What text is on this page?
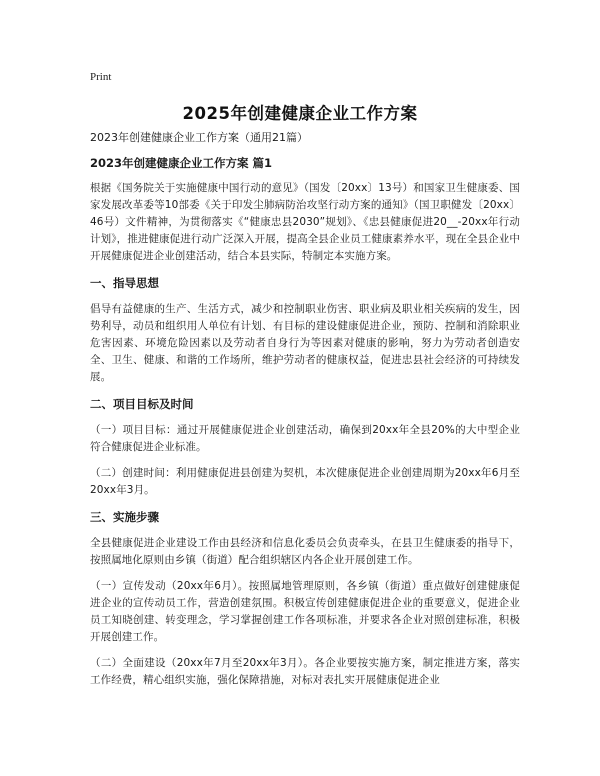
Print
2025年创建健康企业工作方案

2023年创建健康企业工作方案（通用21篇）

2023年创建健康企业工作方案 篇1

根据《国务院关于实施健康中国行动的意见》（国发〔20xx〕13号）和国家卫生健康委、国家发展改革委等10部委《关于印发尘肺病防治攻坚行动方案的通知》（国卫职健发〔20xx〕46号）文件精神，为贯彻落实《“健康忠县2030”规划》、《忠县健康促进20__-20xx年行动计划》，推进健康促进行动广泛深入开展，提高全县企业员工健康素养水平，现在全县企业中开展健康促进企业创建活动，结合本县实际，特制定本实施方案。

一、指导思想

倡导有益健康的生产、生活方式，减少和控制职业伤害、职业病及职业相关疾病的发生，因势利导，动员和组织用人单位有计划、有目标的建设健康促进企业，预防、控制和消除职业危害因素、环境危险因素以及劳动者自身行为等因素对健康的影响，努力为劳动者创造安全、卫生、健康、和谐的工作场所，维护劳动者的健康权益，促进忠县社会经济的可持续发展。

二、项目目标及时间

（一）项目目标：通过开展健康促进企业创建活动，确保到20xx年全县20%的大中型企业符合健康促进企业标准。

（二）创建时间：利用健康促进县创建为契机，本次健康促进企业创建周期为20xx年6月至20xx年3月。

三、实施步骤

全县健康促进企业建设工作由县经济和信息化委员会负责牵头，在县卫生健康委的指导下，按照属地化原则由乡镇（街道）配合组织辖区内各企业开展创建工作。

（一）宣传发动（20xx年6月）。按照属地管理原则，各乡镇（街道）重点做好创建健康促进企业的宣传动员工作，营造创建氛围。积极宣传创建健康促进企业的重要意义，促进企业员工知晓创建、转变理念，学习掌握创建工作各项标准，并要求各企业对照创建标准，积极开展创建工作。

（二）全面建设（20xx年7月至20xx年3月）。各企业要按实施方案，制定推进方案，落实工作经费，精心组织实施，强化保障措施，对标对表扎实开展健康促进企业
